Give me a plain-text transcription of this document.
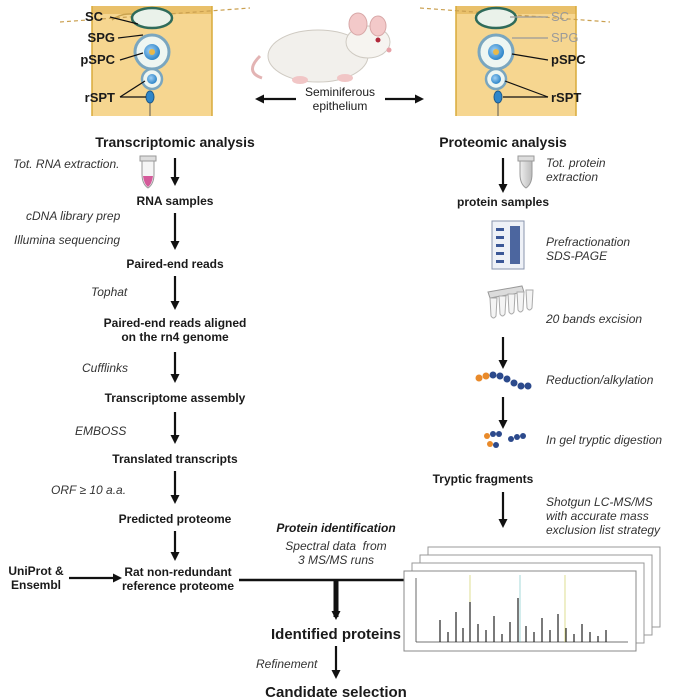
SC
SPG
pSPC
rSPT
SC
SPG
pSPC
rSPT
Seminiferous
epithelium
Transcriptomic analysis
Tot. RNA extraction.
RNA samples
cDNA library prep
Illumina sequencing
Paired-end reads
Tophat
Paired-end reads aligned
on the rn4 genome
Cufflinks
Transcriptome assembly
EMBOSS
Translated transcripts
ORF ≥ 10 a.a.
Predicted proteome
UniProt &
Ensembl
Rat non-redundant
reference proteome
Proteomic analysis
Tot. protein
extraction
protein samples
Prefractionation
SDS-PAGE
20 bands excision
Reduction/alkylation
In gel tryptic digestion
Tryptic fragments
Shotgun LC-MS/MS
with accurate mass
exclusion list strategy
Protein identification
Spectral data  from
3 MS/MS runs
Identified proteins
Refinement
Candidate selection
